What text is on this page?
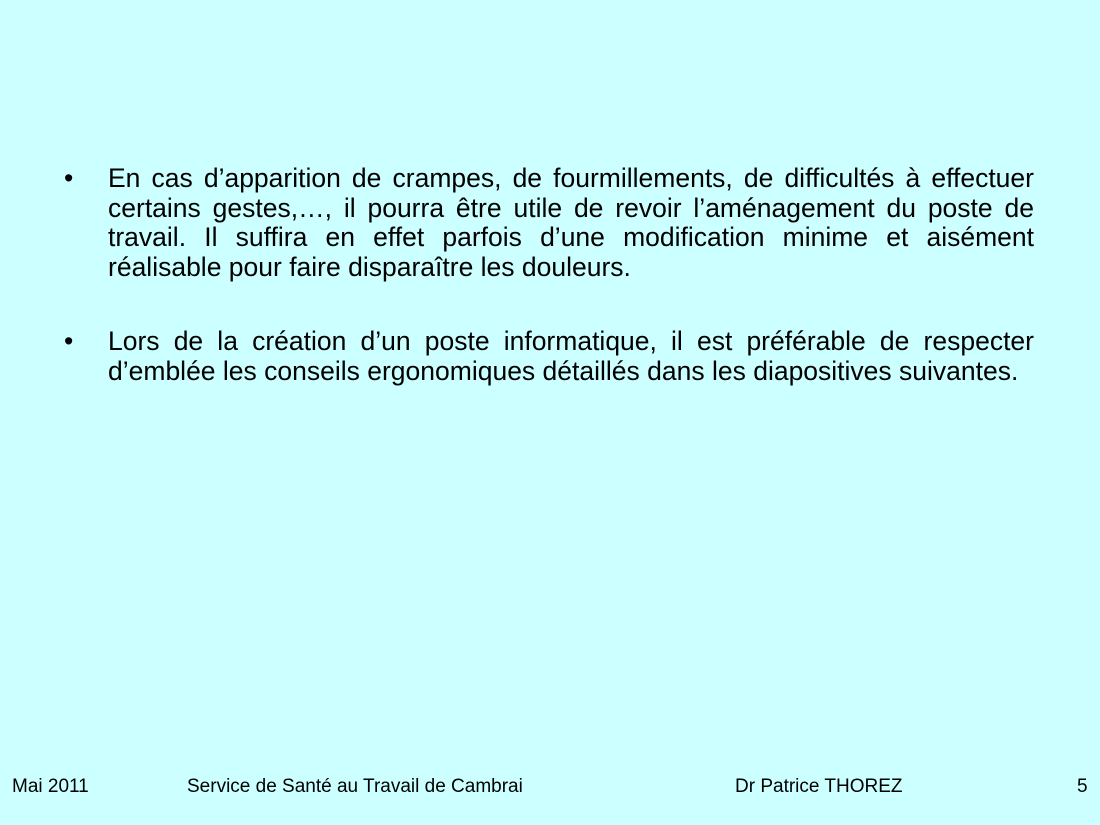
•	En cas d’apparition de crampes, de fourmillements, de difficultés à effectuer certains gestes,…, il pourra être utile de revoir l’aménagement du poste de travail. Il suffira en effet parfois d’une modification minime et aisément réalisable pour faire disparaître les douleurs.
•	Lors de la création d’un poste informatique, il est préférable de respecter d’emblée les conseils ergonomiques détaillés dans les diapositives suivantes.
Mai 2011	Service de Santé au Travail de Cambrai	Dr Patrice THOREZ	5
